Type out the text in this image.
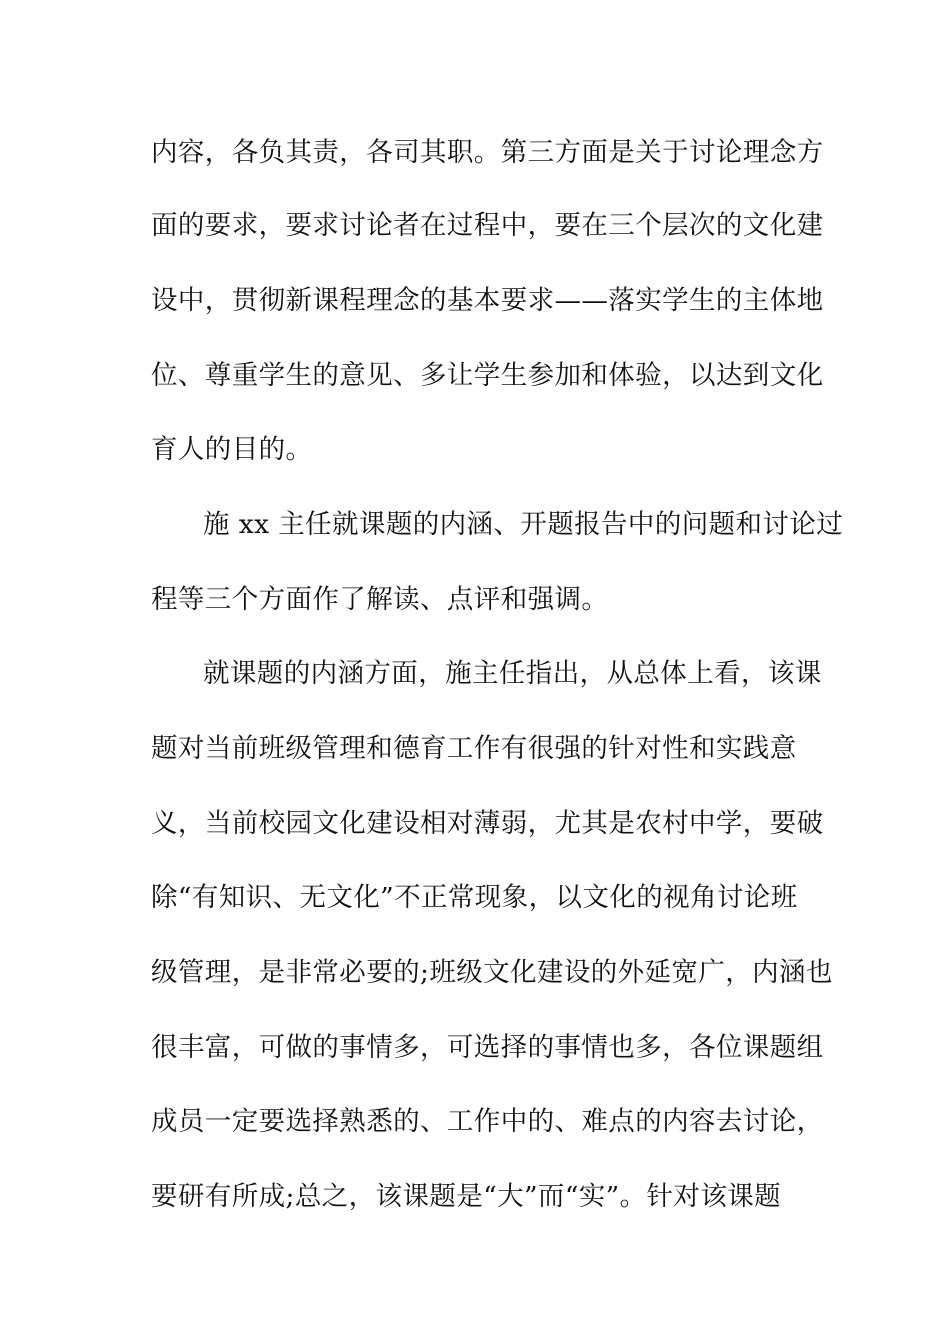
内容，各负其责，各司其职。第三方面是关于讨论理念方
面的要求，要求讨论者在过程中，要在三个层次的文化建
设中，贯彻新课程理念的基本要求——落实学生的主体地
位、尊重学生的意见、多让学生参加和体验，以达到文化
育人的目的。
施 xx 主任就课题的内涵、开题报告中的问题和讨论过
程等三个方面作了解读、点评和强调。
就课题的内涵方面，施主任指出，从总体上看，该课
题对当前班级管理和德育工作有很强的针对性和实践意
义，当前校园文化建设相对薄弱，尤其是农村中学，要破
除“有知识、无文化”不正常现象，以文化的视角讨论班
级管理，是非常必要的;班级文化建设的外延宽广，内涵也
很丰富，可做的事情多，可选择的事情也多，各位课题组
成员一定要选择熟悉的、工作中的、难点的内容去讨论，
要研有所成;总之，该课题是“大”而“实”。针对该课题
